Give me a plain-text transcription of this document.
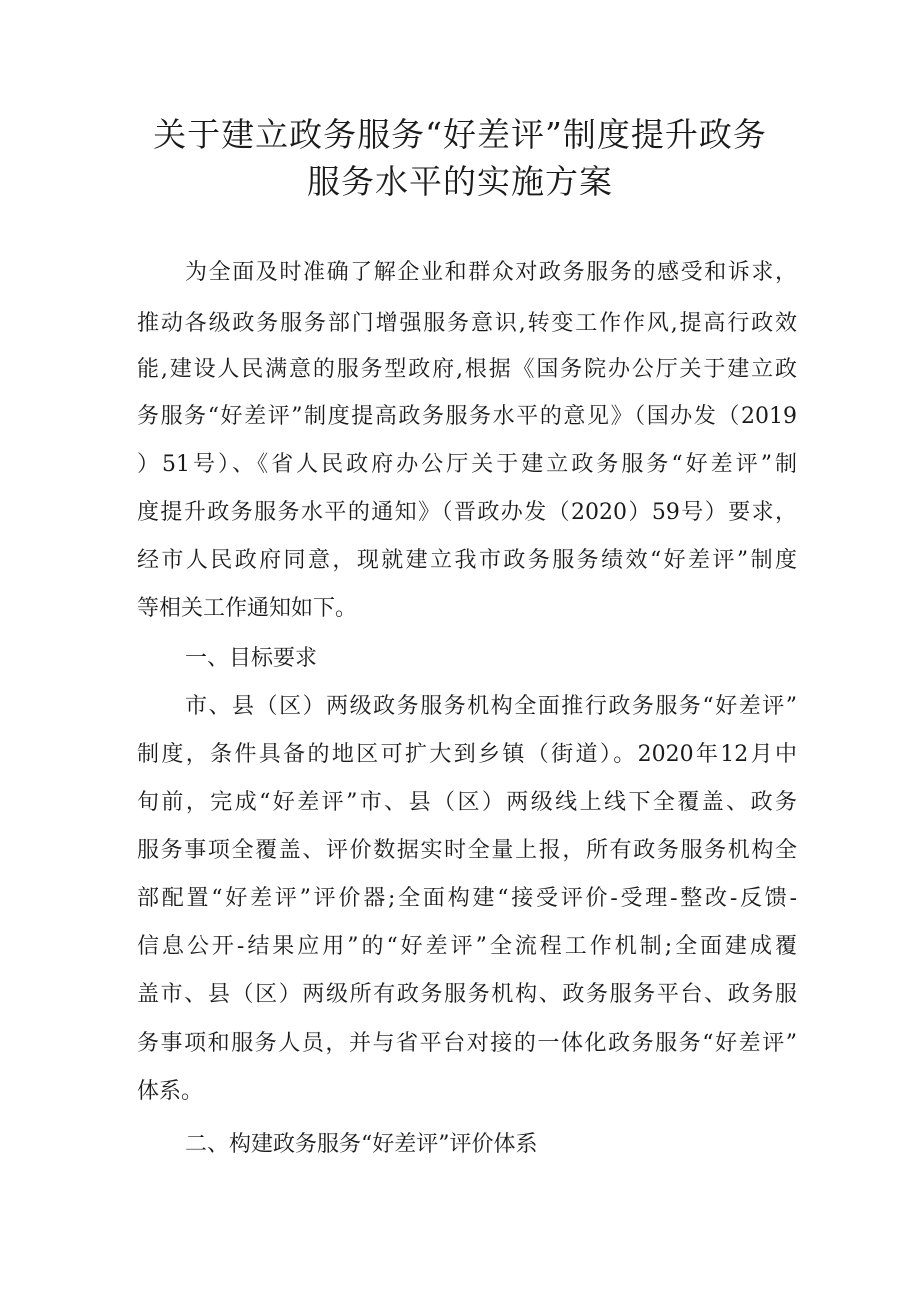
关于建立政务服务“好差评”制度提升政务
服务水平的实施方案
为全面及时准确了解企业和群众对政务服务的感受和诉求，
推动各级政务服务部门增强服务意识,转变工作作风,提高行政效
能,建设人民满意的服务型政府,根据《国务院办公厅关于建立政
务服务“好差评”制度提高政务服务水平的意见》（国办发（2019
）51号）、《省人民政府办公厅关于建立政务服务“好差评”制
度提升政务服务水平的通知》（晋政办发（2020）59号）要求，
经市人民政府同意，现就建立我市政务服务绩效“好差评”制度
等相关工作通知如下。
一、目标要求
市、县（区）两级政务服务机构全面推行政务服务“好差评”
制度，条件具备的地区可扩大到乡镇（街道）。2020年12月中
旬前，完成“好差评”市、县（区）两级线上线下全覆盖、政务
服务事项全覆盖、评价数据实时全量上报，所有政务服务机构全
部配置“好差评”评价器;全面构建“接受评价-受理-整改-反馈-
信息公开-结果应用”的“好差评”全流程工作机制;全面建成覆
盖市、县（区）两级所有政务服务机构、政务服务平台、政务服
务事项和服务人员，并与省平台对接的一体化政务服务“好差评”
体系。
二、构建政务服务“好差评”评价体系
